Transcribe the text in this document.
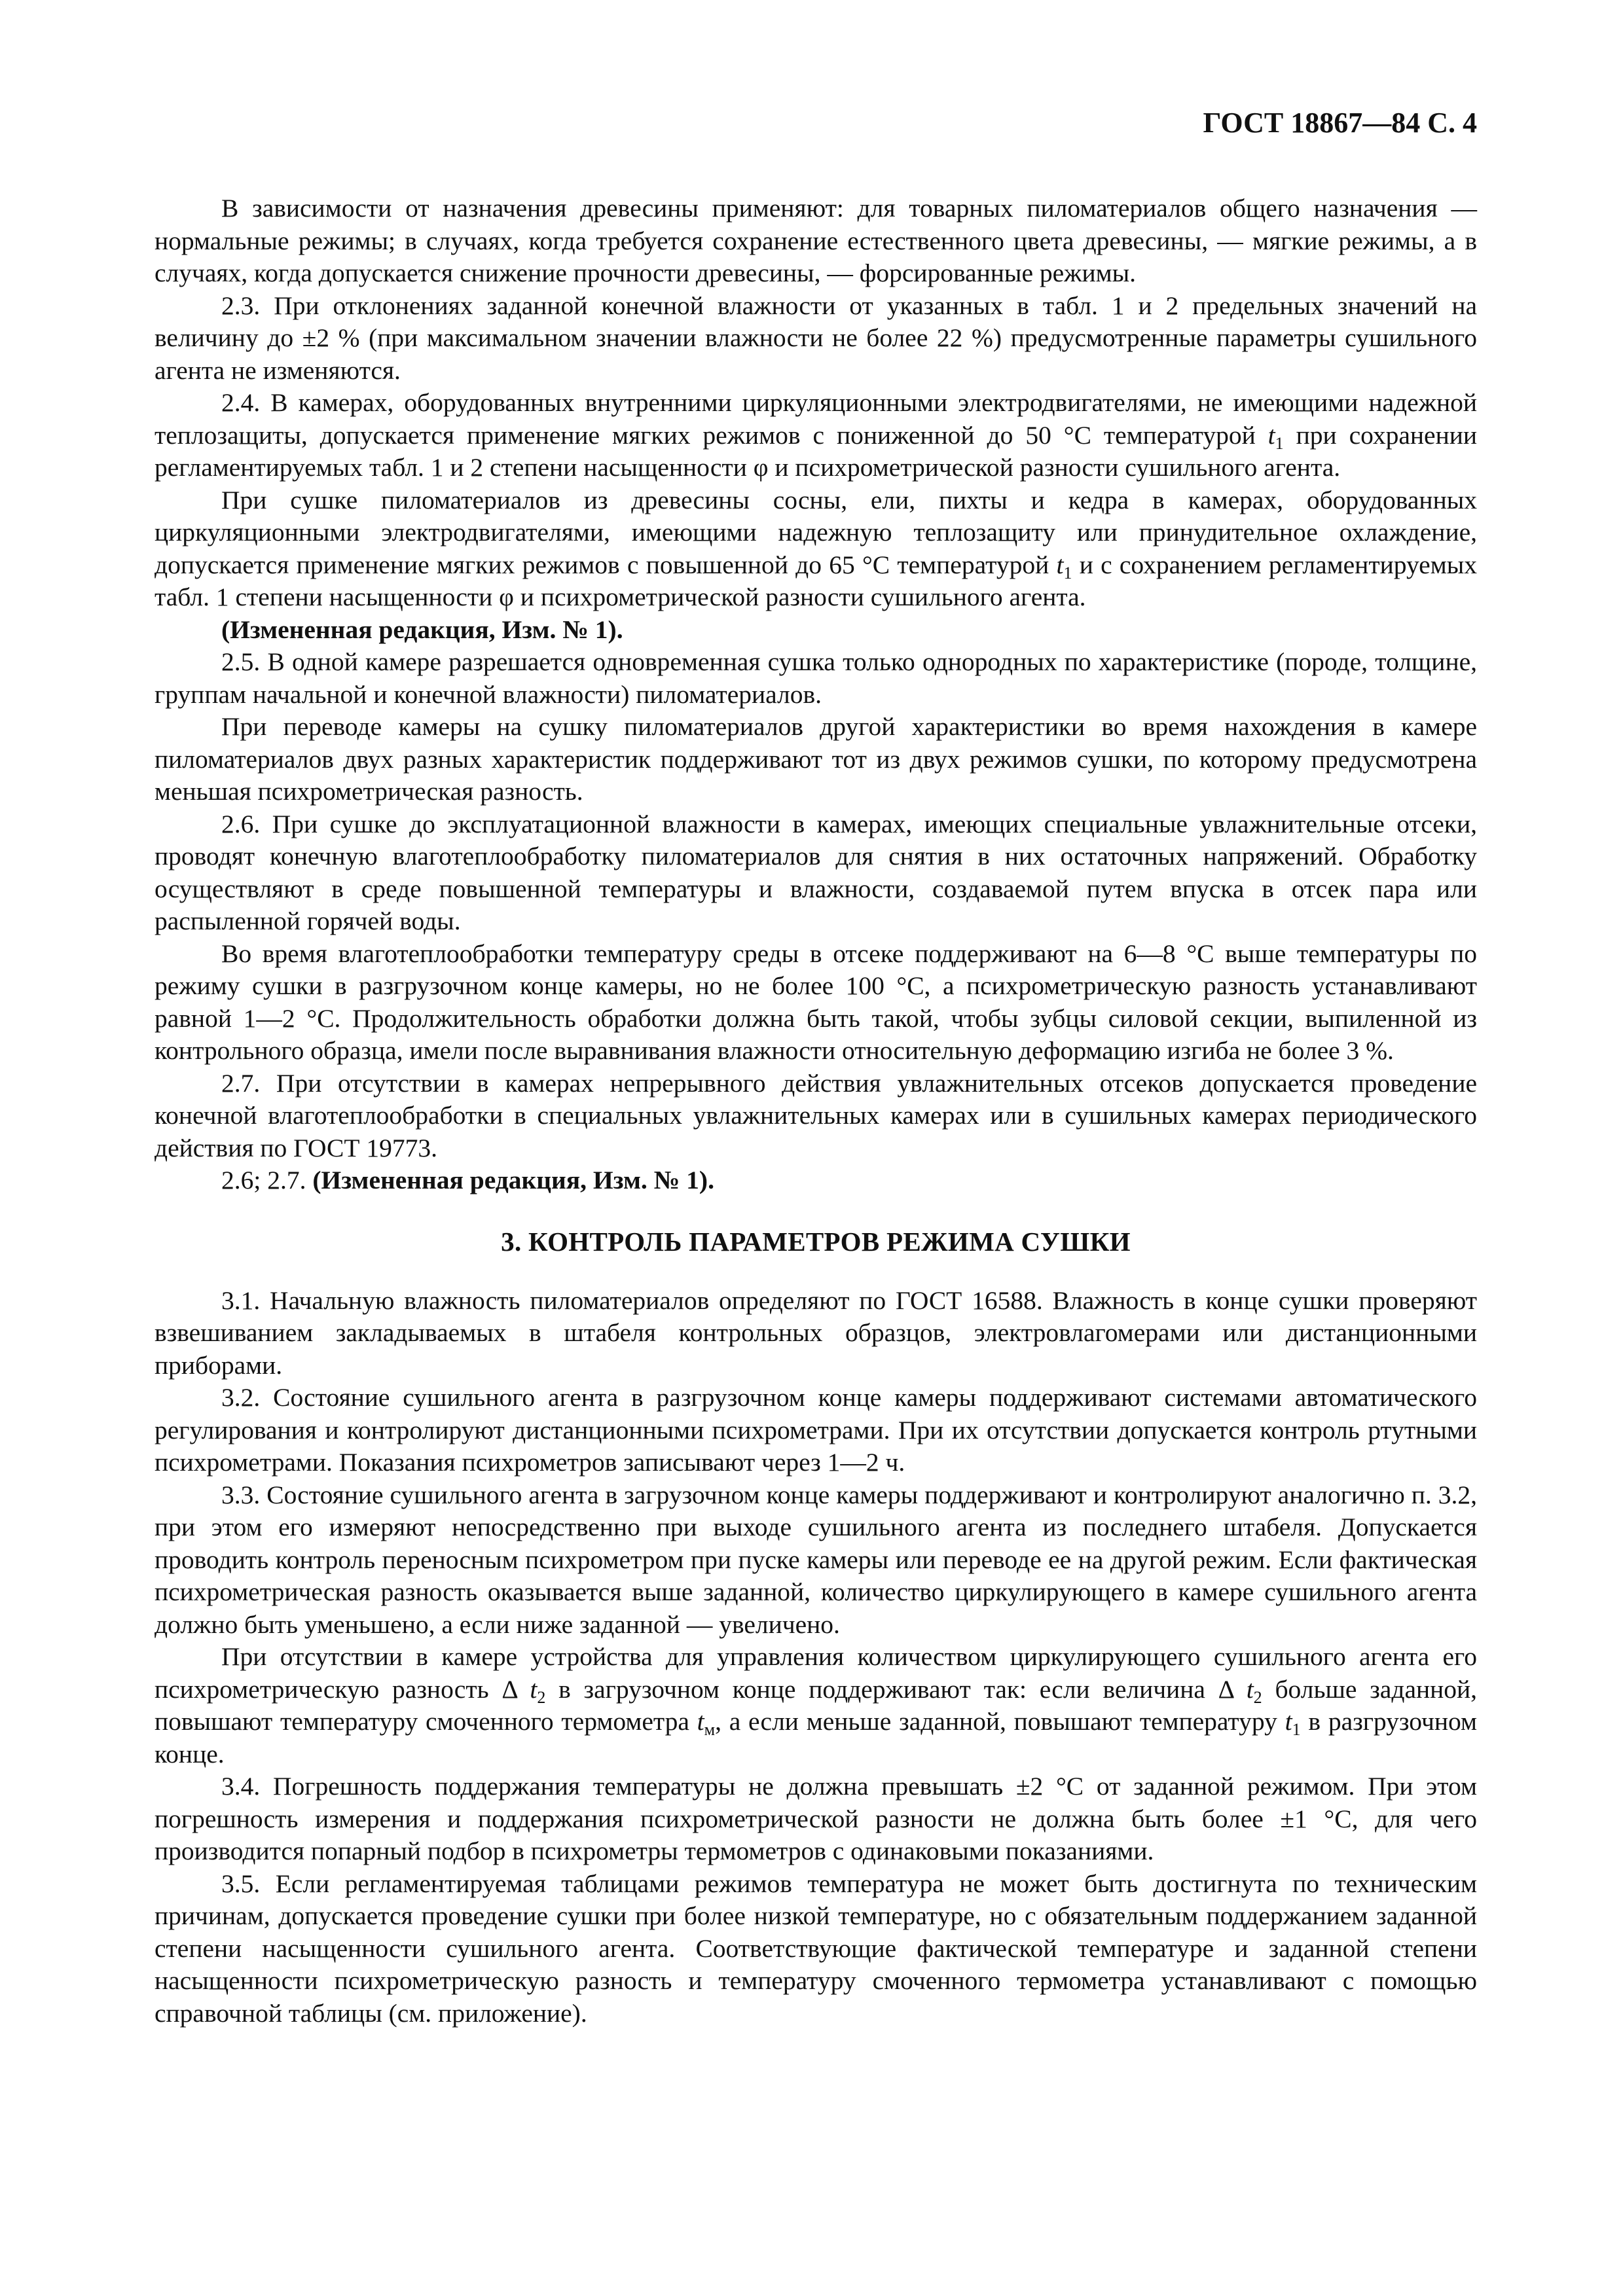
ГОСТ 18867—84 С. 4

В зависимости от назначения древесины применяют: для товарных пиломатериалов общего назначения — нормальные режимы; в случаях, когда требуется сохранение естественного цвета древесины, — мягкие режимы, а в случаях, когда допускается снижение прочности древесины, — форсированные режимы.

2.3. При отклонениях заданной конечной влажности от указанных в табл. 1 и 2 предельных значений на величину до ±2 % (при максимальном значении влажности не более 22 %) предусмотренные параметры сушильного агента не изменяются.

2.4. В камерах, оборудованных внутренними циркуляционными электродвигателями, не имеющими надежной теплозащиты, допускается применение мягких режимов с пониженной до 50 °С температурой $t_1$ при сохранении регламентируемых табл. 1 и 2 степени насыщенности φ и психрометрической разности сушильного агента.

При сушке пиломатериалов из древесины сосны, ели, пихты и кедра в камерах, оборудованных циркуляционными электродвигателями, имеющими надежную теплозащиту или принудительное охлаждение, допускается применение мягких режимов с повышенной до 65 °С температурой $t_1$ и с сохранением регламентируемых табл. 1 степени насыщенности φ и психрометрической разности сушильного агента.

(Измененная редакция, Изм. № 1).

2.5. В одной камере разрешается одновременная сушка только однородных по характеристике (породе, толщине, группам начальной и конечной влажности) пиломатериалов.

При переводе камеры на сушку пиломатериалов другой характеристики во время нахождения в камере пиломатериалов двух разных характеристик поддерживают тот из двух режимов сушки, по которому предусмотрена меньшая психрометрическая разность.

2.6. При сушке до эксплуатационной влажности в камерах, имеющих специальные увлажнительные отсеки, проводят конечную влаготеплообработку пиломатериалов для снятия в них остаточных напряжений. Обработку осуществляют в среде повышенной температуры и влажности, создаваемой путем впуска в отсек пара или распыленной горячей воды.

Во время влаготеплообработки температуру среды в отсеке поддерживают на 6—8 °С выше температуры по режиму сушки в разгрузочном конце камеры, но не более 100 °С, а психрометрическую разность устанавливают равной 1—2 °С. Продолжительность обработки должна быть такой, чтобы зубцы силовой секции, выпиленной из контрольного образца, имели после выравнивания влажности относительную деформацию изгиба не более 3 %.

2.7. При отсутствии в камерах непрерывного действия увлажнительных отсеков допускается проведение конечной влаготеплообработки в специальных увлажнительных камерах или в сушильных камерах периодического действия по ГОСТ 19773.

2.6; 2.7. (Измененная редакция, Изм. № 1).

3. КОНТРОЛЬ ПАРАМЕТРОВ РЕЖИМА СУШКИ

3.1. Начальную влажность пиломатериалов определяют по ГОСТ 16588. Влажность в конце сушки проверяют взвешиванием закладываемых в штабеля контрольных образцов, электровлагомерами или дистанционными приборами.

3.2. Состояние сушильного агента в разгрузочном конце камеры поддерживают системами автоматического регулирования и контролируют дистанционными психрометрами. При их отсутствии допускается контроль ртутными психрометрами. Показания психрометров записывают через 1—2 ч.

3.3. Состояние сушильного агента в загрузочном конце камеры поддерживают и контролируют аналогично п. 3.2, при этом его измеряют непосредственно при выходе сушильного агента из последнего штабеля. Допускается проводить контроль переносным психрометром при пуске камеры или переводе ее на другой режим. Если фактическая психрометрическая разность оказывается выше заданной, количество циркулирующего в камере сушильного агента должно быть уменьшено, а если ниже заданной — увеличено.

При отсутствии в камере устройства для управления количеством циркулирующего сушильного агента его психрометрическую разность Δ $t_2$ в загрузочном конце поддерживают так: если величина Δ $t_2$ больше заданной, повышают температуру смоченного термометра $t_м$, а если меньше заданной, повышают температуру $t_1$ в разгрузочном конце.

3.4. Погрешность поддержания температуры не должна превышать ±2 °С от заданной режимом. При этом погрешность измерения и поддержания психрометрической разности не должна быть более ±1 °С, для чего производится попарный подбор в психрометры термометров с одинаковыми показаниями.

3.5. Если регламентируемая таблицами режимов температура не может быть достигнута по техническим причинам, допускается проведение сушки при более низкой температуре, но с обязательным поддержанием заданной степени насыщенности сушильного агента. Соответствующие фактической температуре и заданной степени насыщенности психрометрическую разность и температуру смоченного термометра устанавливают с помощью справочной таблицы (см. приложение).
